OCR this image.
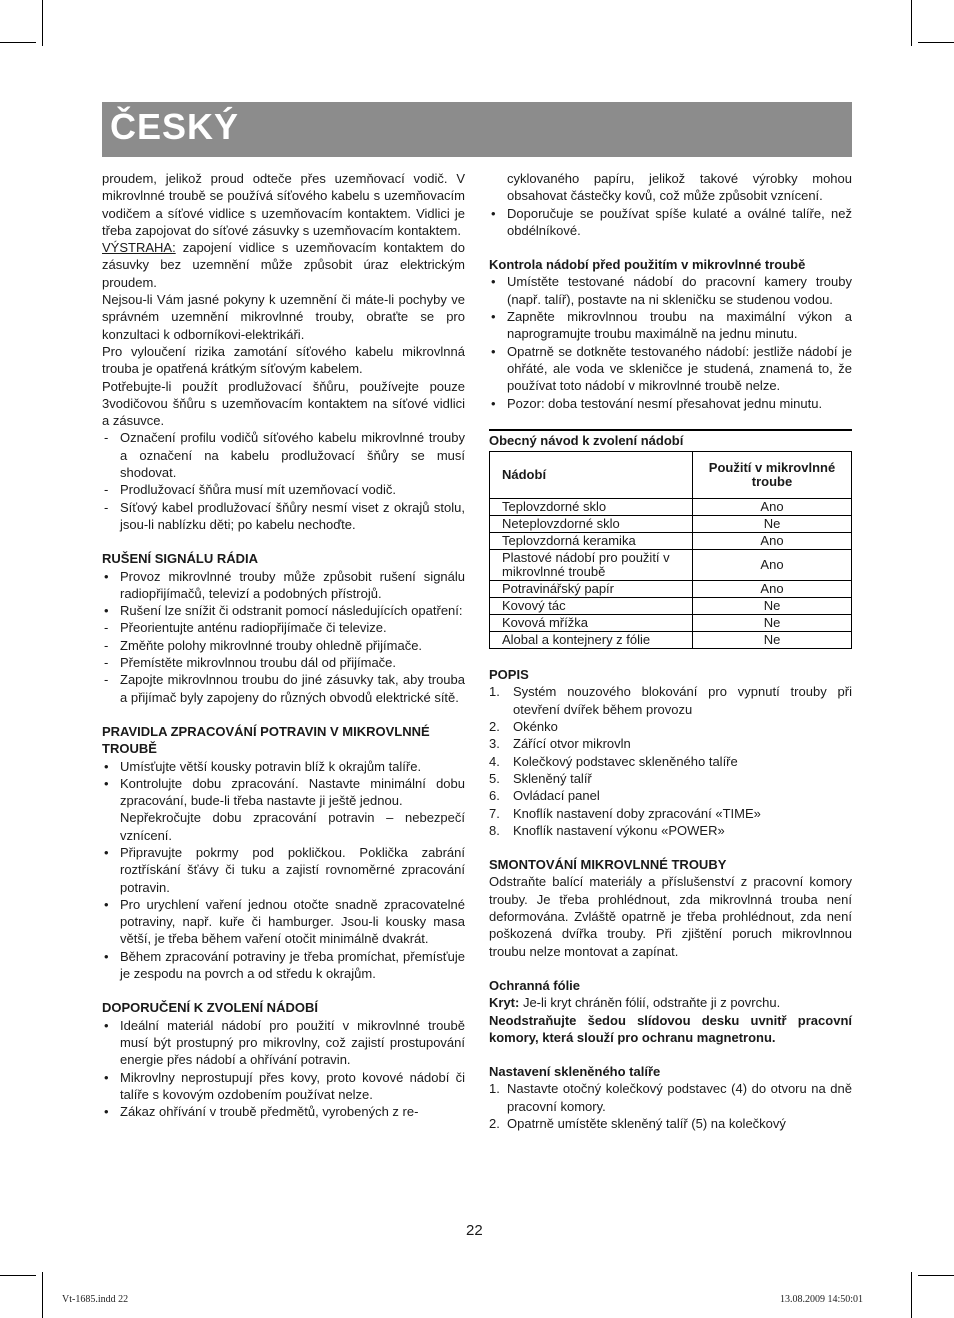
ČESKÝ

proudem, jelikož proud odteče přes uzemňovací vodič. V mikrovlnné troubě se používá síťového kabelu s uzemňovacím vodičem a síťové vidlice s uzemňovacím kontaktem. Vidlici je třeba zapojovat do síťové zásuvky s uzemňovacím kontaktem.

VÝSTRAHA: zapojení vidlice s uzemňovacím kontaktem do zásuvky bez uzemnění může způsobit úraz elektrickým proudem.

Nejsou-li Vám jasné pokyny k uzemnění či máte-li pochyby ve správném uzemnění mikrovlnné trouby, obraťte se pro konzultaci k odborníkovi-elektrikáři.

Pro vyloučení rizika zamotání síťového kabelu mikrovlnná trouba je opatřená krátkým síťovým kabelem.

Potřebujte-li použít prodlužovací šňůru, používejte pouze 3vodičovou šňůru s uzemňovacím kontaktem na síťové vidlici a zásuvce.

- Označení profilu vodičů síťového kabelu mikrovlnné trouby a označení na kabelu prodlužovací šňůry se musí shodovat.
- Prodlužovací šňůra musí mít uzemňovací vodič.
- Síťový kabel prodlužovací šňůry nesmí viset z okrajů stolu, jsou-li nablízku děti; po kabelu nechoďte.
RUŠENÍ SIGNÁLU RÁDIA
• Provoz mikrovlnné trouby může způsobit rušení signálu radiopřijímačů, televizí a podobných přístrojů.
• Rušení lze snížit či odstranit pomocí následujících opatření:
- Přeorientujte anténu radiopřijímače či televize.
- Změňte polohy mikrovlnné trouby ohledně přijímače.
- Přemístěte mikrovlnnou troubu dál od přijímače.
- Zapojte mikrovlnnou troubu do jiné zásuvky tak, aby trouba a přijímač byly zapojeny do různých obvodů elektrické sítě.
PRAVIDLA ZPRACOVÁNÍ POTRAVIN V MIKROVLNNÉ TROUBĚ
• Umísťujte větší kousky potravin blíž k okrajům talíře.
• Kontrolujte dobu zpracování. Nastavte minimální dobu zpracování, bude-li třeba nastavte ji ještě jednou.
Nepřekročujte dobu zpracování potravin – nebezpečí vznícení.
• Připravujte pokrmy pod pokličkou. Poklička zabrání roztřískání šťávy či tuku a zajistí rovnoměrné zpracování potravin.
• Pro urychlení vaření jednou otočte snadně zpracovatelné potraviny, např. kuře či hamburger. Jsou-li kousky masa větší, je třeba během vaření otočit minimálně dvakrát.
• Během zpracování potraviny je třeba promíchat, přemísťuje je zespodu na povrch a od středu k okrajům.
DOPORUČENÍ K ZVOLENÍ NÁDOBÍ
• Ideální materiál nádobí pro použití v mikrovlnné troubě musí být prostupný pro mikrovlny, což zajistí prostupování energie přes nádobí a ohřívání potravin.
• Mikrovlny neprostupují přes kovy, proto kovové nádobí či talíře s kovovým ozdobením používat nelze.
• Zákaz ohřívání v troubě předmětů, vyrobených z re-
cyklovaného papíru, jelikož takové výrobky mohou obsahovat částečky kovů, což může způsobit vznícení.
• Doporučuje se používat spíše kulaté a oválné talíře, než obdélníkové.
Kontrola nádobí před použitím v mikrovlnné troubě
• Umístěte testované nádobí do pracovní kamery trouby (např. talíř), postavte na ni skleničku se studenou vodou.
• Zapněte mikrovlnnou troubu na maximální výkon a naprogramujte troubu maximálně na jednu minutu.
• Opatrně se dotkněte testovaného nádobí: jestliže nádobí je ohřáté, ale voda ve skleničce je studená, znamená to, že používat toto nádobí v mikrovlnné troubě nelze.
• Pozor: doba testování nesmí přesahovat jednu minutu.
Obecný návod k zvolení nádobí
Nádobí	Použití v mikrovlnné troube
Teplovzdorné sklo	Ano
Neteplovzdorné sklo	Ne
Teplovzdorná keramika	Ano
Plastové nádobí pro použití v mikrovlnné troubě	Ano
Potravinářský papír	Ano
Kovový tác	Ne
Kovová mřížka	Ne
Alobal a kontejnery z fólie	Ne
POPIS
1. Systém nouzového blokování pro vypnutí trouby při otevření dvířek během provozu
2. Okénko
3. Zářící otvor mikrovln
4. Kolečkový podstavec skleněného talíře
5. Skleněný talíř
6. Ovládací panel
7. Knoflík nastavení doby zpracování «TIME»
8. Knoflík nastavení výkonu «POWER»
SMONTOVÁNÍ MIKROVLNNÉ TROUBY

Odstraňte balící materiály a příslušenství z pracovní komory trouby. Je třeba prohlédnout, zda mikrovlnná trouba není deformována. Zvláště opatrně je třeba prohlédnout, zda není poškozená dvířka trouby. Při zjištění poruch mikrovlnnou troubu nelze montovat a zapínat.

Ochranná fólie

Kryt: Je-li kryt chráněn fólií, odstraňte ji z povrchu.

Neodstraňujte šedou slídovou desku uvnitř pracovní komory, která slouží pro ochranu magnetronu.

Nastavení skleněného talíře
1. Nastavte otočný kolečkový podstavec (4) do otvoru na dně pracovní komory.
2. Opatrně umístěte skleněný talíř (5) na kolečkový
22
Vt-1685.indd 22	13.08.2009 14:50:01
